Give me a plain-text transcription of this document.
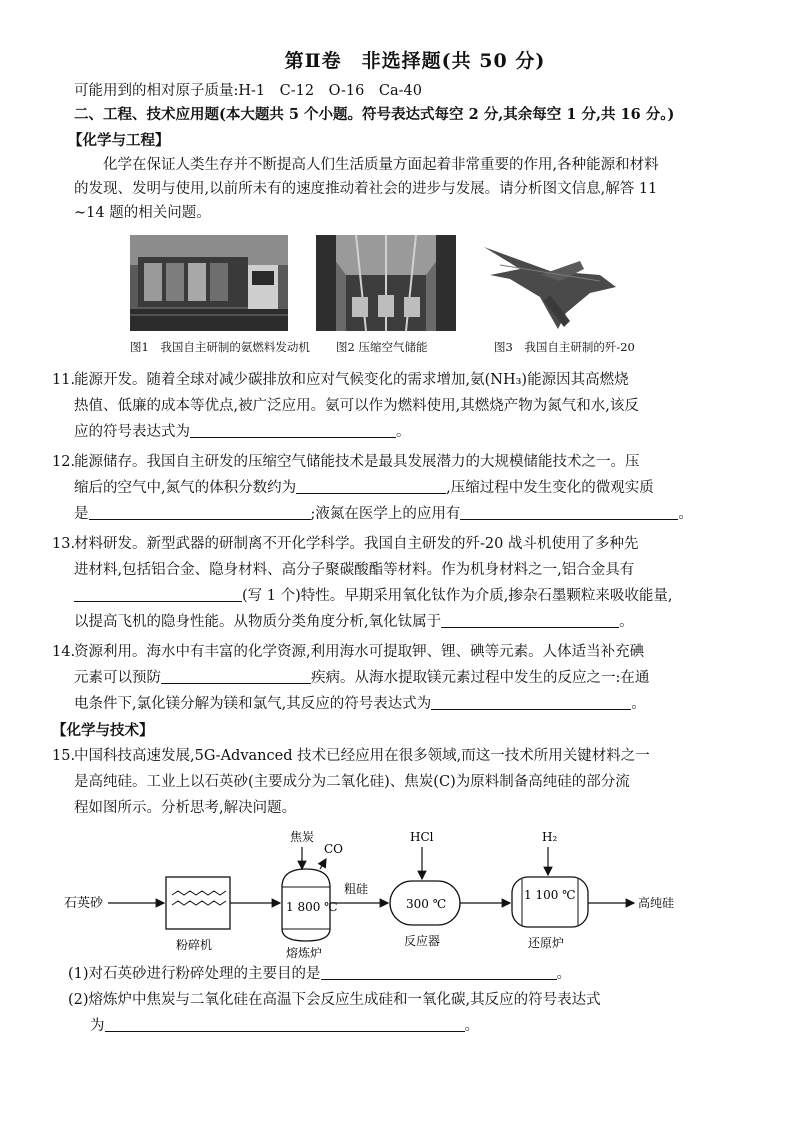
第Ⅱ卷　非选择题(共 50 分)
可能用到的相对原子质量:H-1　C-12　O-16　Ca-40
二、工程、技术应用题(本大题共 5 个小题。符号表达式每空 2 分,其余每空 1 分,共 16 分。)
【化学与工程】
化学在保证人类生存并不断提高人们生活质量方面起着非常重要的作用,各种能源和材料
的发现、发明与使用,以前所未有的速度推动着社会的进步与发展。请分析图文信息,解答 11
~14 题的相关问题。
图1　我国自主研制的氨燃料发动机	图2 压缩空气储能	图3　我国自主研制的歼-20
11.能源开发。随着全球对减少碳排放和应对气候变化的需求增加,氨(NH₃)能源因其高燃烧
热值、低廉的成本等优点,被广泛应用。氨可以作为燃料使用,其燃烧产物为氮气和水,该反
应的符号表达式为	。
12.能源储存。我国自主研发的压缩空气储能技术是最具发展潜力的大规模储能技术之一。压
缩后的空气中,氮气的体积分数约为	,压缩过程中发生变化的微观实质
是	;液氮在医学上的应用有	。
13.材料研发。新型武器的研制离不开化学科学。我国自主研发的歼-20 战斗机使用了多种先
进材料,包括铝合金、隐身材料、高分子聚碳酸酯等材料。作为机身材料之一,铝合金具有
(写 1 个)特性。早期采用氧化钛作为介质,掺杂石墨颗粒来吸收能量,
以提高飞机的隐身性能。从物质分类角度分析,氧化钛属于	。
14.资源利用。海水中有丰富的化学资源,利用海水可提取钾、锂、碘等元素。人体适当补充碘
元素可以预防	疾病。从海水提取镁元素过程中发生的反应之一:在通
电条件下,氯化镁分解为镁和氯气,其反应的符号表达式为	。
【化学与技术】
15.中国科技高速发展,5G-Advanced 技术已经应用在很多领域,而这一技术所用关键材料之一
是高纯硅。工业上以石英砂(主要成分为二氧化硅)、焦炭(C)为原料制备高纯硅的部分流
程如图所示。分析思考,解决问题。
石英砂
粉碎机
焦炭
CO
1 800 ℃
熔炼炉
粗硅
HCl
300 ℃
反应器
H₂
1 100 ℃
还原炉
高纯硅
(1)对石英砂进行粉碎处理的主要目的是	。
(2)熔炼炉中焦炭与二氧化硅在高温下会反应生成硅和一氧化碳,其反应的符号表达式
为	。
